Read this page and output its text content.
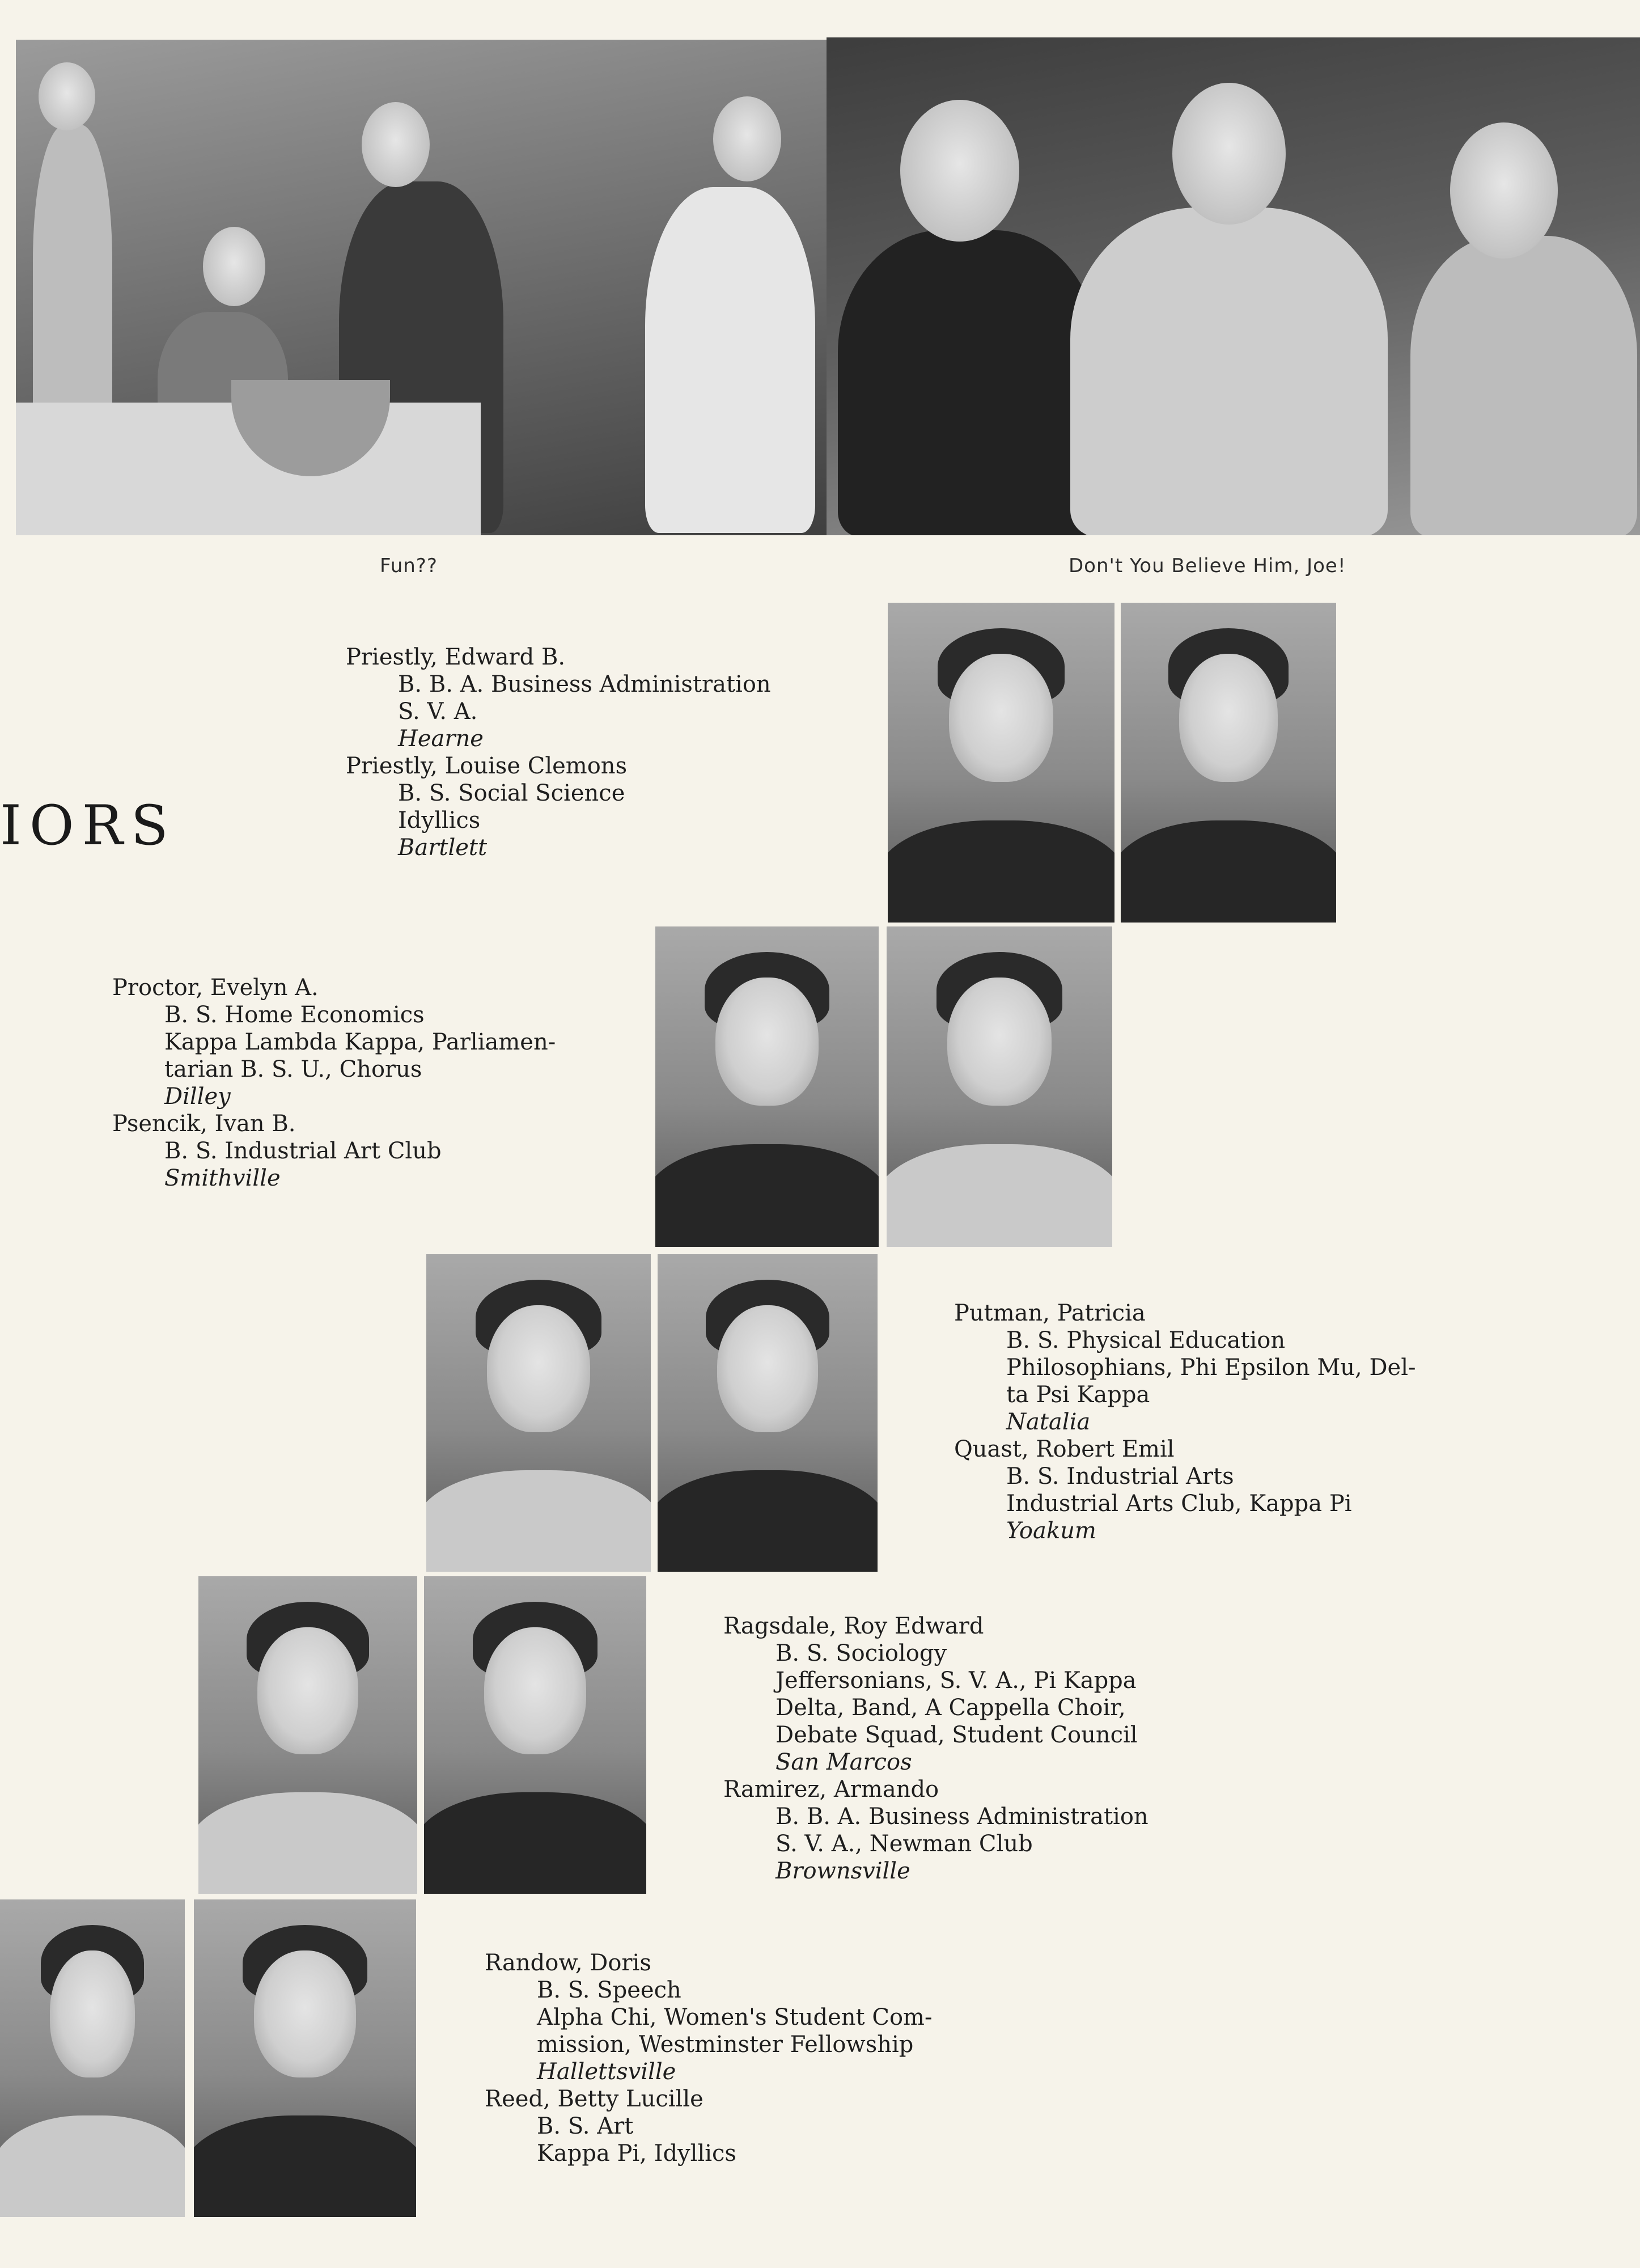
Fun??	Don't You Believe Him, Joe!
IORS

Priestly, Edward B.

B. B. A. Business Administration

S. V. A.

Hearne

Priestly, Louise Clemons

B. S. Social Science

Idyllics

Bartlett

Proctor, Evelyn A.

B. S. Home Economics

Kappa Lambda Kappa, Parliamen-

tarian B. S. U., Chorus

Dilley

Psencik, Ivan B.

B. S. Industrial Art Club

Smithville

Putman, Patricia

B. S. Physical Education

Philosophians, Phi Epsilon Mu, Del-

ta Psi Kappa

Natalia

Quast, Robert Emil

B. S. Industrial Arts

Industrial Arts Club, Kappa Pi

Yoakum

Ragsdale, Roy Edward

B. S. Sociology

Jeffersonians, S. V. A., Pi Kappa

Delta, Band, A Cappella Choir,

Debate Squad, Student Council

San Marcos

Ramirez, Armando

B. B. A. Business Administration

S. V. A., Newman Club

Brownsville

Randow, Doris

B. S. Speech

Alpha Chi, Women's Student Com-

mission, Westminster Fellowship

Hallettsville

Reed, Betty Lucille

B. S. Art

Kappa Pi, Idyllics
